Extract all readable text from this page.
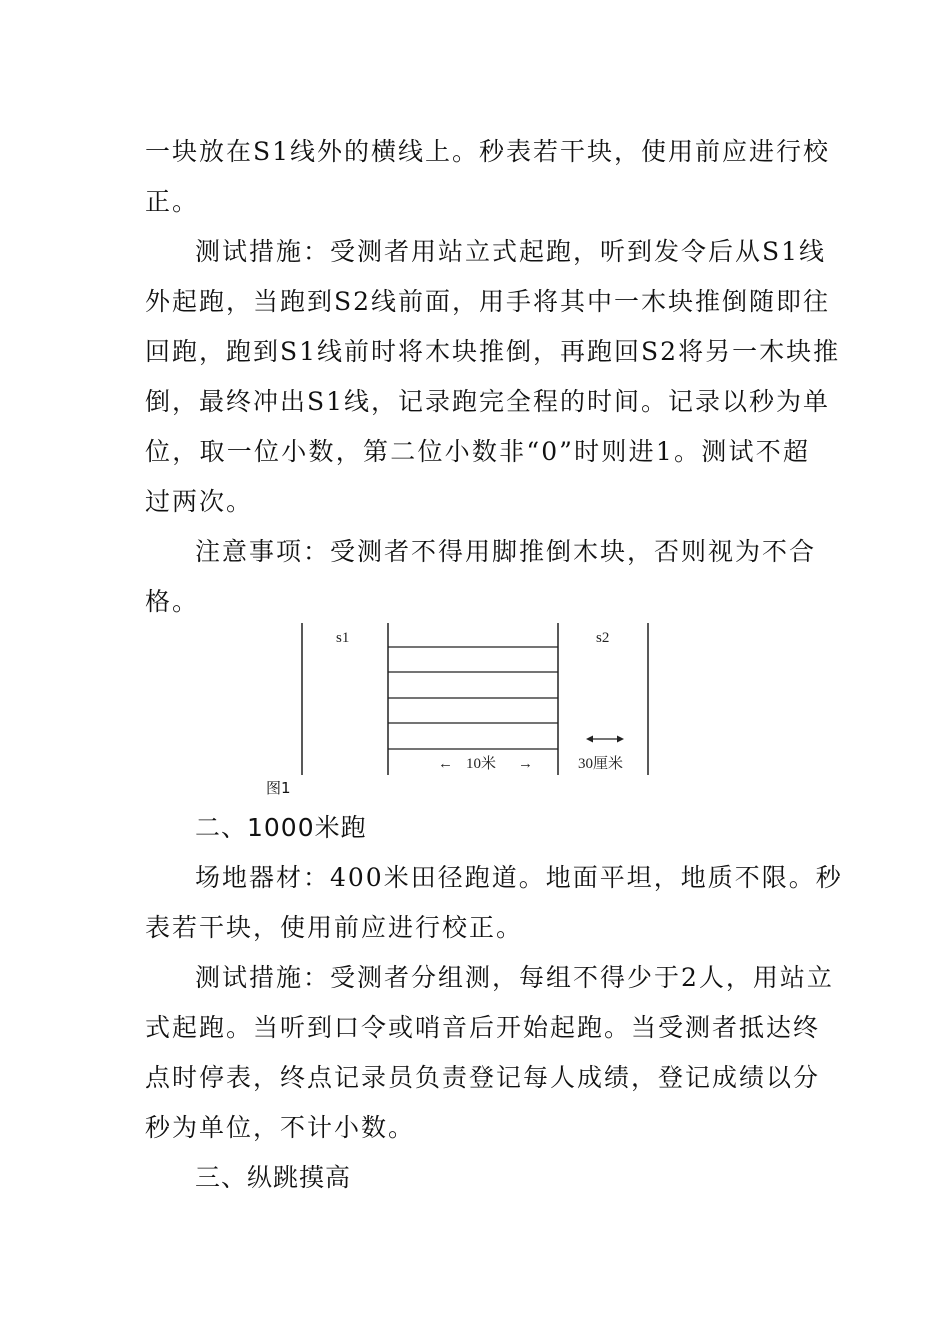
一块放在S1线外的横线上。秒表若干块，使用前应进行校
正。
测试措施：受测者用站立式起跑，听到发令后从S1线
外起跑，当跑到S2线前面，用手将其中一木块推倒随即往
回跑，跑到S1线前时将木块推倒，再跑回S2将另一木块推
倒，最终冲出S1线，记录跑完全程的时间。记录以秒为单
位，取一位小数，第二位小数非“0”时则进1。测试不超
过两次。
注意事项：受测者不得用脚推倒木块，否则视为不合
格。
s1	s2
← 10米 →	30厘米
图1
二、1000米跑
场地器材：400米田径跑道。地面平坦，地质不限。秒
表若干块，使用前应进行校正。
测试措施：受测者分组测，每组不得少于2人，用站立
式起跑。当听到口令或哨音后开始起跑。当受测者抵达终
点时停表，终点记录员负责登记每人成绩，登记成绩以分
秒为单位，不计小数。
三、纵跳摸高
